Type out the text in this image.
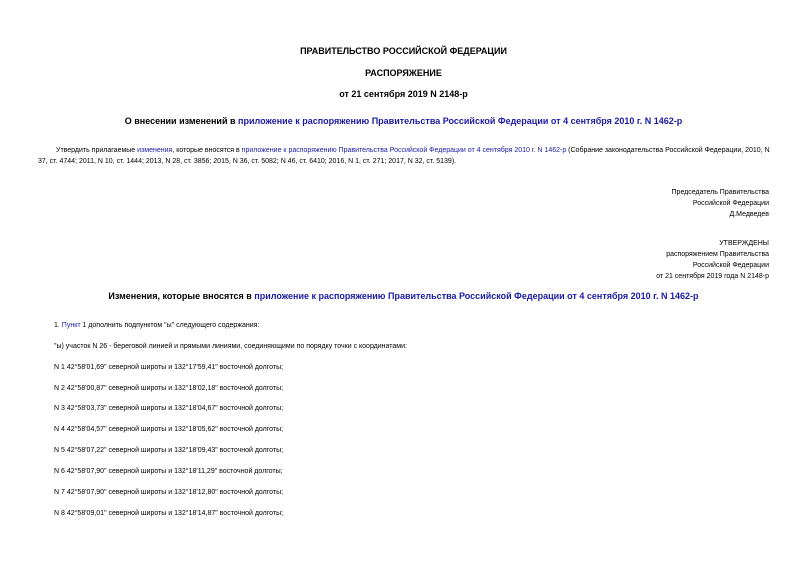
ПРАВИТЕЛЬСТВО РОССИЙСКОЙ ФЕДЕРАЦИИ
РАСПОРЯЖЕНИЕ
от 21 сентября 2019 N 2148-р
О внесении изменений в приложение к распоряжению Правительства Российской Федерации от 4 сентября 2010 г. N 1462-р
Утвердить прилагаемые изменения, которые вносятся в приложение к распоряжению Правительства Российской Федерации от 4 сентября 2010 г. N 1462-р (Собрание законодательства Российской Федерации, 2010, N 37, ст. 4744; 2011, N 10, ст. 1444; 2013, N 28, ст. 3856; 2015, N 36, ст. 5082; N 46, ст. 6410; 2016, N 1, ст. 271; 2017, N 32, ст. 5139).
Председатель Правительства
Российской Федерации
Д.Медведев
УТВЕРЖДЕНЫ
распоряжением Правительства
Российской Федерации
от 21 сентября 2019 года N 2148-р
Изменения, которые вносятся в приложение к распоряжению Правительства Российской Федерации от 4 сентября 2010 г. N 1462-р
1. Пункт 1 дополнить подпунктом "ы" следующего содержания:
"ы) участок N 26 - береговой линией и прямыми линиями, соединяющими по порядку точки с координатами:
N 1 42°58'01,69" северной широты и 132°17'59,41" восточной долготы;
N 2 42°58'00,87" северной широты и 132°18'02,18" восточной долготы;
N 3 42°58'03,73" северной широты и 132°18'04,67" восточной долготы;
N 4 42°58'04,57" северной широты и 132°18'05,62" восточной долготы;
N 5 42°58'07,22" северной широты и 132°18'09,43" восточной долготы;
N 6 42°58'07,90" северной широты и 132°18'11,29" восточной долготы;
N 7 42°58'07,90" северной широты и 132°18'12,80" восточной долготы;
N 8 42°58'09,01" северной широты и 132°18'14,87" восточной долготы;
